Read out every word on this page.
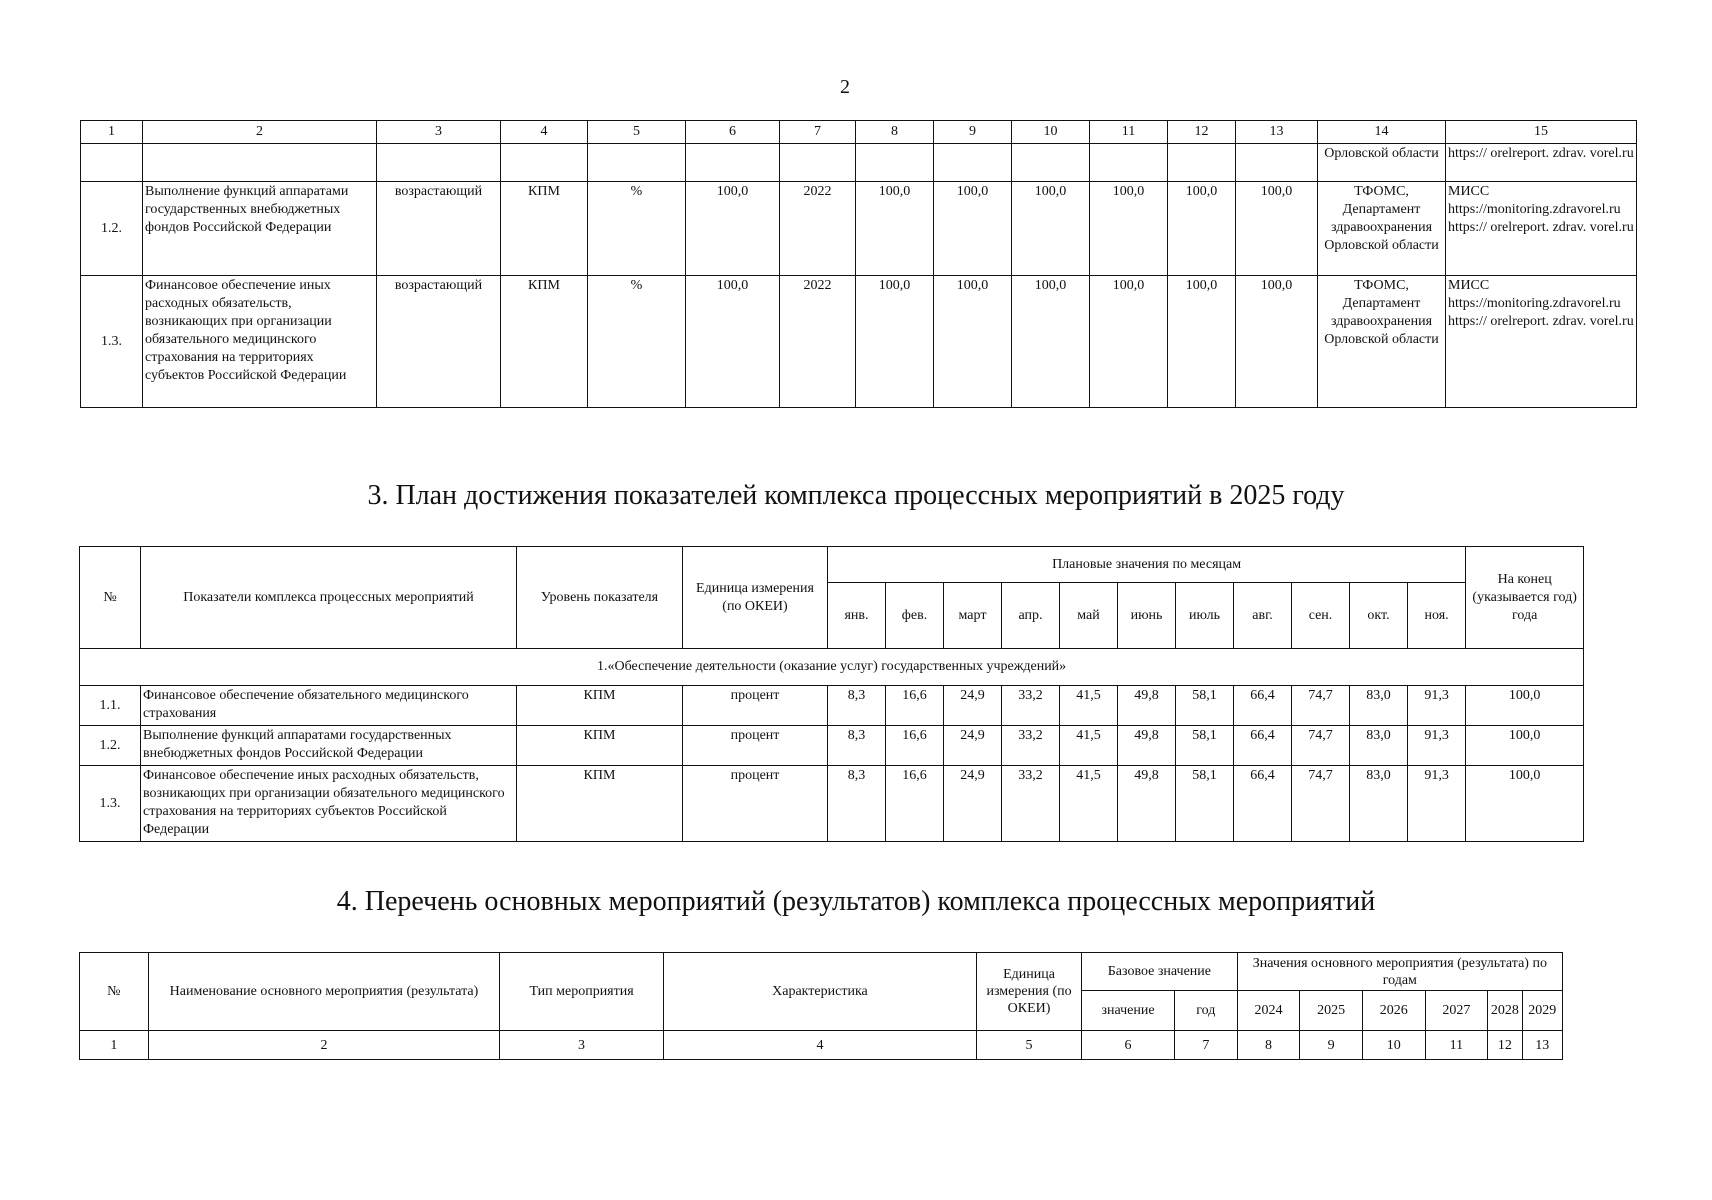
2
1	2	3	4	5	6	7	8	9	10	11	12	13	14	15
													Орловской области	https:// orelreport. zdrav. vorel.ru
1.2.	Выполнение функций аппаратами государственных внебюджетных фондов Российской Федерации	возрастающий	КПМ	%	100,0	2022	100,0	100,0	100,0	100,0	100,0	100,0	ТФОМС, Департамент здравоохранения Орловской области	МИСС
https://monitoring.zdravorel.ru
https:// orelreport. zdrav. vorel.ru

1.3.	Финансовое обеспечение иных расходных обязательств, возникающих при организации обязательного медицинского страхования на территориях субъектов Российской Федерации	возрастающий	КПМ	%	100,0	2022	100,0	100,0	100,0	100,0	100,0	100,0	ТФОМС, Департамент здравоохранения Орловской области	МИСС
https://monitoring.zdravorel.ru
https:// orelreport. zdrav. vorel.ru
3. План достижения показателей комплекса процессных мероприятий в 2025 году
№	Показатели комплекса процессных мероприятий	Уровень показателя	Единица измерения (по ОКЕИ)	Плановые значения по месяцам											На конец (указывается год) года
				янв.	фев.	март	апр.	май	июнь	июль	авг.	сен.	окт.	ноя.	
1.«Обеспечение деятельности (оказание услуг) государственных учреждений»															
1.1.	Финансовое обеспечение обязательного медицинского страхования	КПМ	процент	8,3	16,6	24,9	33,2	41,5	49,8	58,1	66,4	74,7	83,0	91,3	100,0
1.2.	Выполнение функций аппаратами государственных внебюджетных фондов Российской Федерации	КПМ	процент	8,3	16,6	24,9	33,2	41,5	49,8	58,1	66,4	74,7	83,0	91,3	100,0
1.3.	Финансовое обеспечение иных расходных обязательств, возникающих при организации обязательного медицинского страхования на территориях субъектов Российской Федерации	КПМ	процент	8,3	16,6	24,9	33,2	41,5	49,8	58,1	66,4	74,7	83,0	91,3	100,0
4. Перечень основных мероприятий (результатов) комплекса процессных мероприятий
№	Наименование основного мероприятия (результата)	Тип мероприятия	Характеристика	Единица измерения (по ОКЕИ)	Базовое значение		Значения основного мероприятия (результата) по годам					
					значение	год	2024	2025	2026	2027	2028	2029
1	2	3	4	5	6	7	8	9	10	11	12	13
